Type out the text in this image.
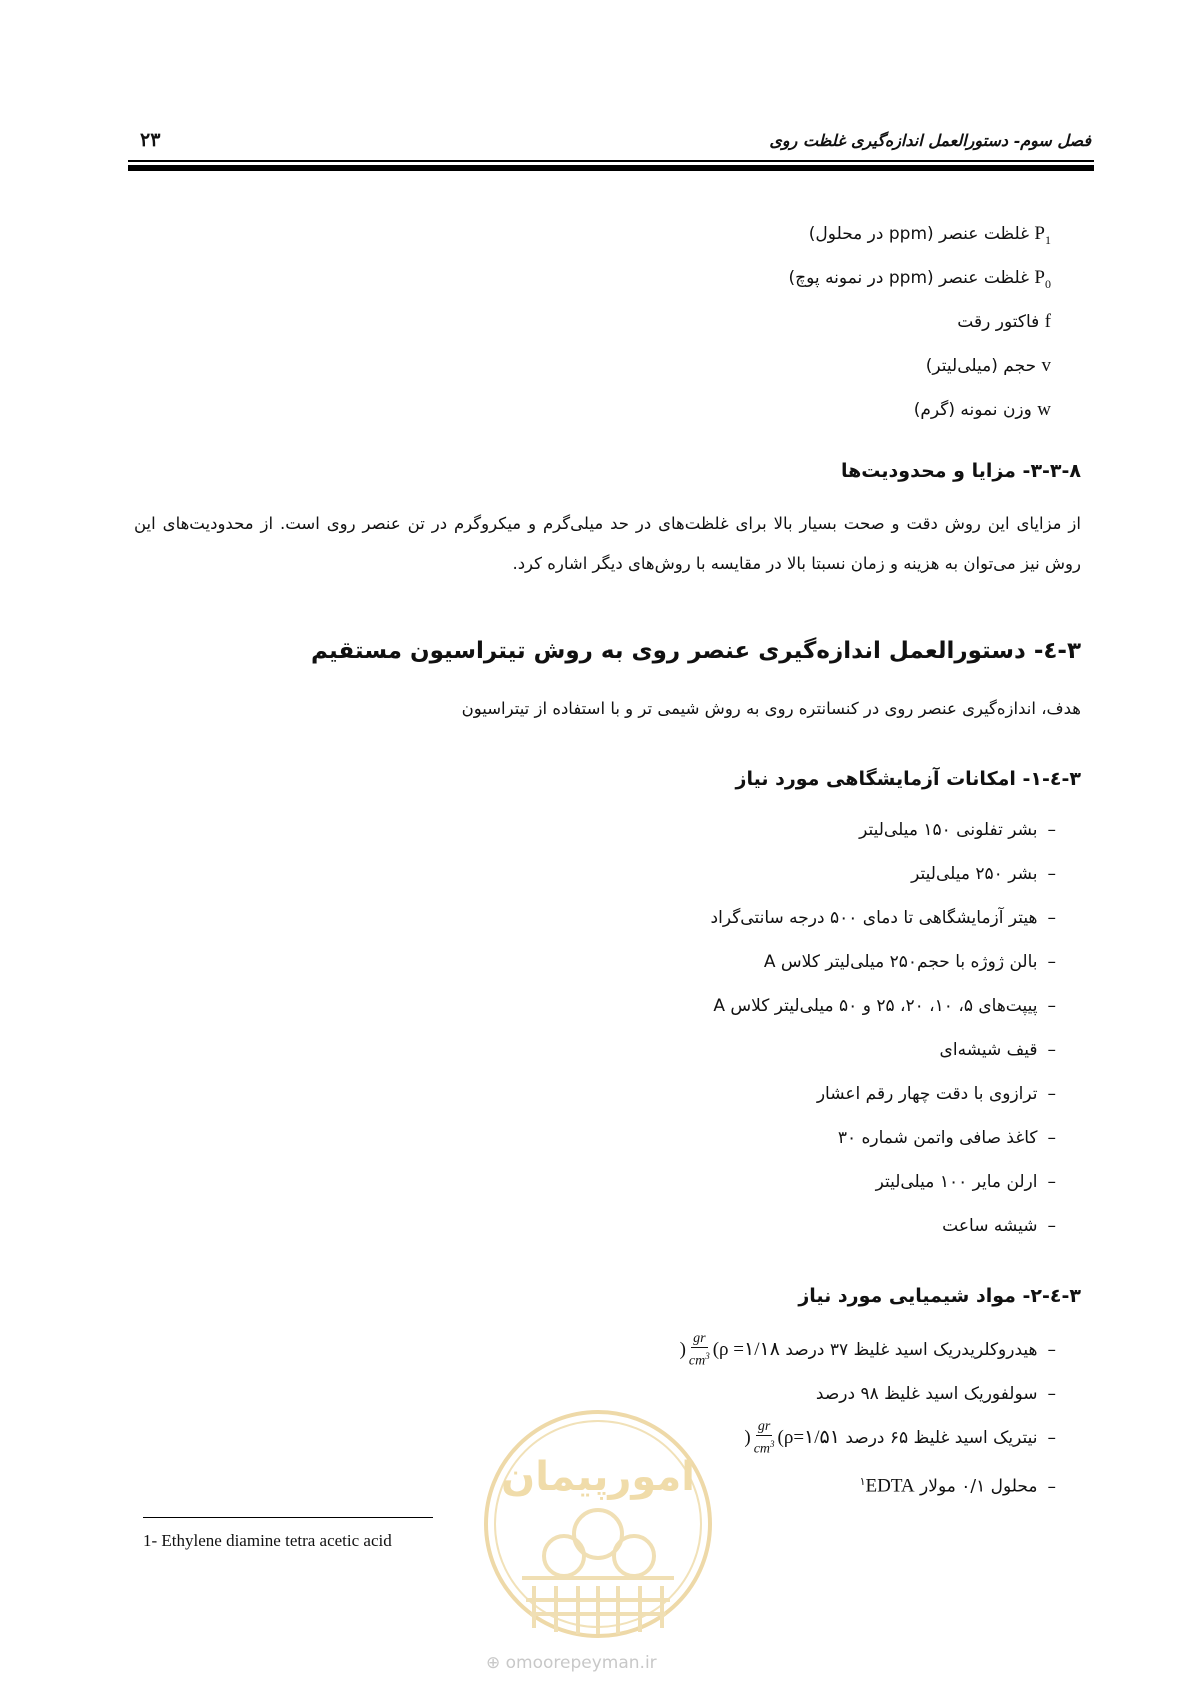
فصل سوم- دستورالعمل اندازه‌گیری غلظت روی
۲۳
$P_1$ غلظت عنصر (ppm در محلول)
$P_0$ غلظت عنصر (ppm در نمونه پوچ)
f فاکتور رقت
v حجم (میلی‌لیتر)
w وزن نمونه (گرم)
۳-۳-۸- مزایا و محدودیت‌ها

از مزایای این روش دقت و صحت بسیار بالا برای غلظت‌های در حد میلی‌گرم و میکروگرم در تن عنصر روی است. از محدودیت‌های این روش نیز می‌توان به هزینه و زمان نسبتا بالا در مقایسه با روش‌های دیگر اشاره کرد.

۳-٤- دستورالعمل اندازه‌گیری عنصر روی به روش تیتراسیون مستقیم

هدف، اندازه‌گیری عنصر روی در کنسانتره روی به روش شیمی تر و با استفاده از تیتراسیون

۳-٤-۱- امکانات آزمایشگاهی مورد نیاز
–بشر تفلونی ۱۵۰ میلی‌لیتر
–بشر ۲۵۰ میلی‌لیتر
–هیتر آزمایشگاهی تا دمای ۵۰۰ درجه سانتی‌گراد
–بالن ژوژه با حجم۲۵۰ میلی‌لیتر کلاس A
–پیپت‌های ۵، ۱۰، ۲۰، ۲۵ و ۵۰ میلی‌لیتر کلاس A
–قیف شیشه‌ای
–ترازوی با دقت چهار رقم اعشار
–کاغذ صافی واتمن شماره ۳۰
–ارلن مایر ۱۰۰ میلی‌لیتر
–شیشه ساعت
۳-٤-۲- مواد شیمیایی مورد نیاز
–هیدروکلریدریک اسید غلیظ ۳۷ درصد ) $\frac{gr}{cm^3} (\rho$ =۱/۱۸
–سولفوریک اسید غلیظ ۹۸ درصد
–نیتریک اسید غلیظ ۶۵ درصد ) $\frac{gr}{cm^3}$ (ρ=۱/۵۱
–محلول ۰/۱ مولار EDTA$^۱$
1- Ethylene diamine tetra acetic acid
امورپیمان
⊕ omoorepeyman.ir
